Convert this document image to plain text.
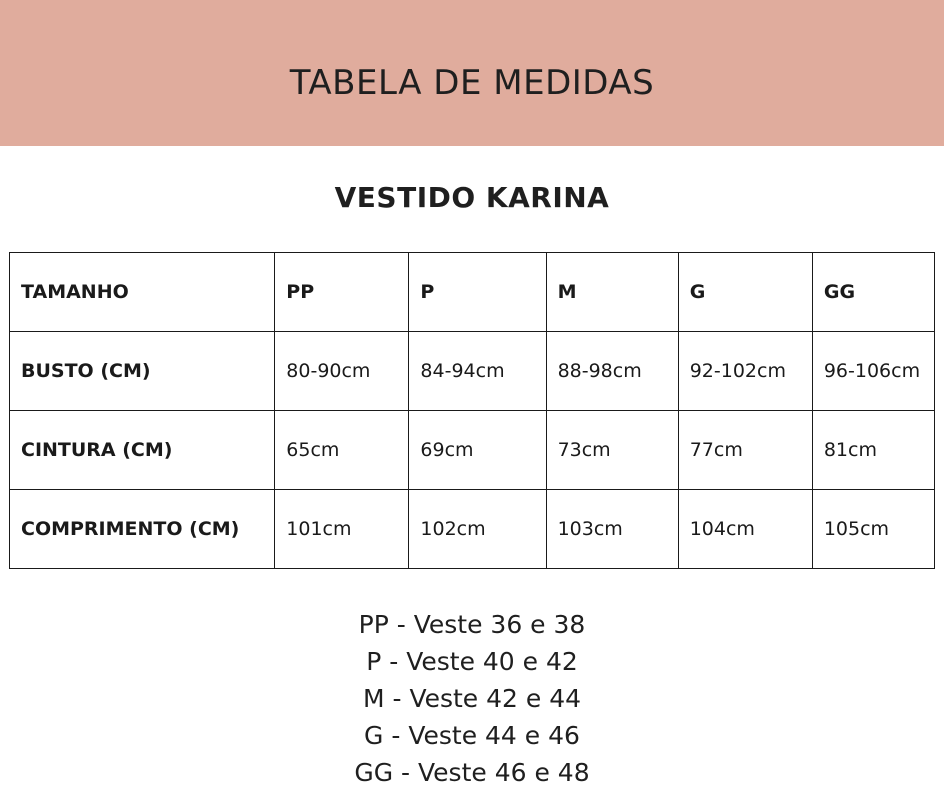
TABELA DE MEDIDAS
VESTIDO KARINA
TAMANHO	PP	P	M	G	GG
BUSTO (CM)	80-90cm	84-94cm	88-98cm	92-102cm	96-106cm
CINTURA (CM)	65cm	69cm	73cm	77cm	81cm
COMPRIMENTO (CM)	101cm	102cm	103cm	104cm	105cm
PP - Veste 36 e 38
P - Veste 40 e 42
M - Veste 42 e 44
G - Veste 44 e 46
GG - Veste 46 e 48
